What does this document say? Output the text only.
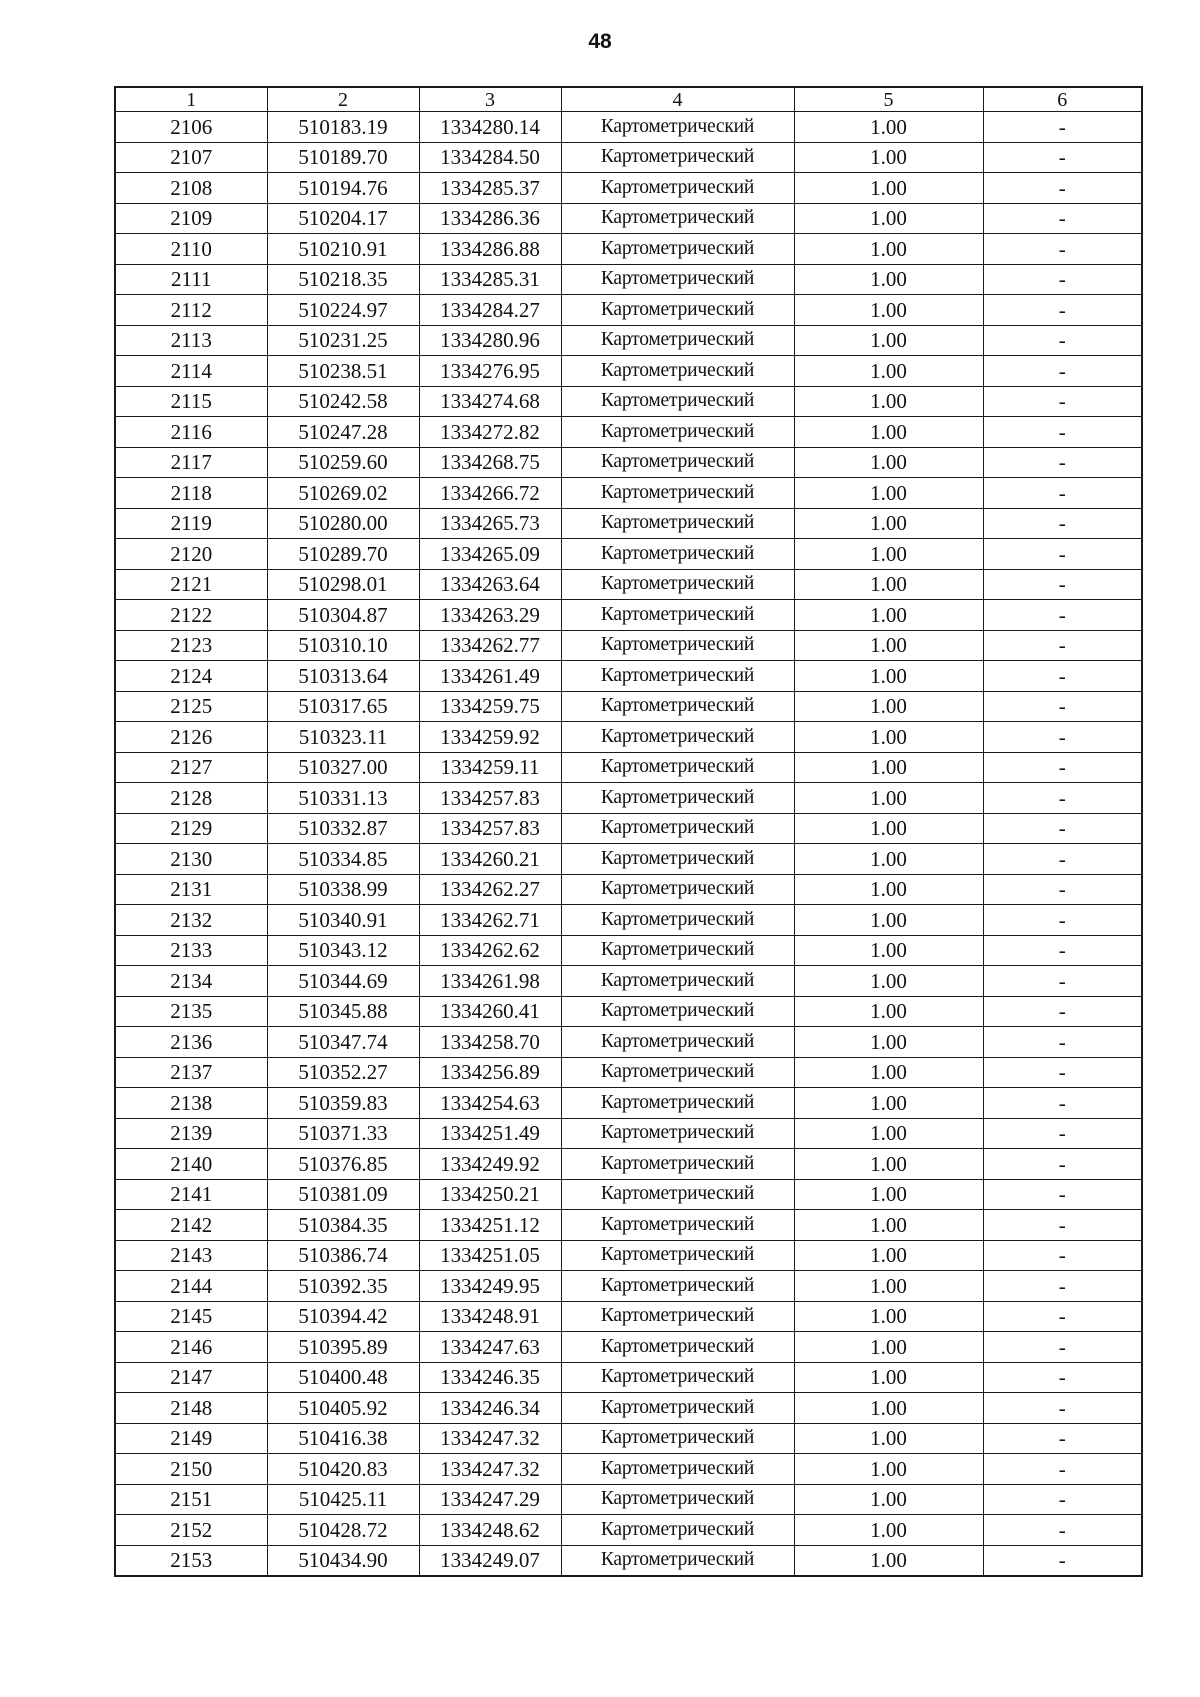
48
1	2	3	4	5	6
2106	510183.19	1334280.14	Картометрический	1.00	-
2107	510189.70	1334284.50	Картометрический	1.00	-
2108	510194.76	1334285.37	Картометрический	1.00	-
2109	510204.17	1334286.36	Картометрический	1.00	-
2110	510210.91	1334286.88	Картометрический	1.00	-
2111	510218.35	1334285.31	Картометрический	1.00	-
2112	510224.97	1334284.27	Картометрический	1.00	-
2113	510231.25	1334280.96	Картометрический	1.00	-
2114	510238.51	1334276.95	Картометрический	1.00	-
2115	510242.58	1334274.68	Картометрический	1.00	-
2116	510247.28	1334272.82	Картометрический	1.00	-
2117	510259.60	1334268.75	Картометрический	1.00	-
2118	510269.02	1334266.72	Картометрический	1.00	-
2119	510280.00	1334265.73	Картометрический	1.00	-
2120	510289.70	1334265.09	Картометрический	1.00	-
2121	510298.01	1334263.64	Картометрический	1.00	-
2122	510304.87	1334263.29	Картометрический	1.00	-
2123	510310.10	1334262.77	Картометрический	1.00	-
2124	510313.64	1334261.49	Картометрический	1.00	-
2125	510317.65	1334259.75	Картометрический	1.00	-
2126	510323.11	1334259.92	Картометрический	1.00	-
2127	510327.00	1334259.11	Картометрический	1.00	-
2128	510331.13	1334257.83	Картометрический	1.00	-
2129	510332.87	1334257.83	Картометрический	1.00	-
2130	510334.85	1334260.21	Картометрический	1.00	-
2131	510338.99	1334262.27	Картометрический	1.00	-
2132	510340.91	1334262.71	Картометрический	1.00	-
2133	510343.12	1334262.62	Картометрический	1.00	-
2134	510344.69	1334261.98	Картометрический	1.00	-
2135	510345.88	1334260.41	Картометрический	1.00	-
2136	510347.74	1334258.70	Картометрический	1.00	-
2137	510352.27	1334256.89	Картометрический	1.00	-
2138	510359.83	1334254.63	Картометрический	1.00	-
2139	510371.33	1334251.49	Картометрический	1.00	-
2140	510376.85	1334249.92	Картометрический	1.00	-
2141	510381.09	1334250.21	Картометрический	1.00	-
2142	510384.35	1334251.12	Картометрический	1.00	-
2143	510386.74	1334251.05	Картометрический	1.00	-
2144	510392.35	1334249.95	Картометрический	1.00	-
2145	510394.42	1334248.91	Картометрический	1.00	-
2146	510395.89	1334247.63	Картометрический	1.00	-
2147	510400.48	1334246.35	Картометрический	1.00	-
2148	510405.92	1334246.34	Картометрический	1.00	-
2149	510416.38	1334247.32	Картометрический	1.00	-
2150	510420.83	1334247.32	Картометрический	1.00	-
2151	510425.11	1334247.29	Картометрический	1.00	-
2152	510428.72	1334248.62	Картометрический	1.00	-
2153	510434.90	1334249.07	Картометрический	1.00	-
